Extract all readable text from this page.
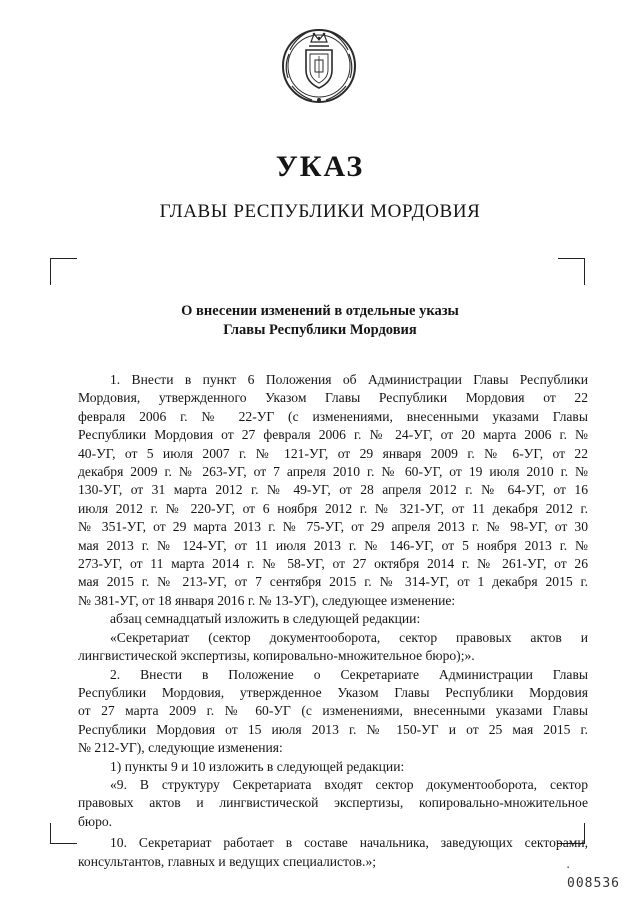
УКАЗ
ГЛАВЫ РЕСПУБЛИКИ МОРДОВИЯ
О внесении изменений в отдельные указы
Главы Республики Мордовия

1. Внести в пункт 6 Положения об Администрации Главы Республики

Мордовия, утвержденного Указом Главы Республики Мордовия от 22

февраля 2006 г. № 22-УГ (с изменениями, внесенными указами Главы

Республики Мордовия от 27 февраля 2006 г. № 24-УГ, от 20 марта 2006 г. №

40-УГ, от 5 июля 2007 г. № 121-УГ, от 29 января 2009 г. № 6-УГ, от 22

декабря 2009 г. № 263-УГ, от 7 апреля 2010 г. № 60-УГ, от 19 июля 2010 г. №

130-УГ, от 31 марта 2012 г. № 49-УГ, от 28 апреля 2012 г. № 64-УГ, от 16

июля 2012 г. № 220-УГ, от 6 ноября 2012 г. № 321-УГ, от 11 декабря 2012 г.

№ 351-УГ, от 29 марта 2013 г. № 75-УГ, от 29 апреля 2013 г. № 98-УГ, от 30

мая 2013 г. № 124-УГ, от 11 июля 2013 г. № 146-УГ, от 5 ноября 2013 г. №

273-УГ, от 11 марта 2014 г. № 58-УГ, от 27 октября 2014 г. № 261-УГ, от 26

мая 2015 г. № 213-УГ, от 7 сентября 2015 г. № 314-УГ, от 1 декабря 2015 г.

№ 381-УГ, от 18 января 2016 г. № 13-УГ), следующее изменение:

абзац семнадцатый изложить в следующей редакции:

«Секретариат (сектор документооборота, сектор правовых актов и

лингвистической экспертизы, копировально-множительное бюро);».

2. Внести в Положение о Секретариате Администрации Главы

Республики Мордовия, утвержденное Указом Главы Республики Мордовия

от 27 марта 2009 г. № 60-УГ (с изменениями, внесенными указами Главы

Республики Мордовия от 15 июля 2013 г. № 150-УГ и от 25 мая 2015 г.

№ 212-УГ), следующие изменения:

1) пункты 9 и 10 изложить в следующей редакции:

«9. В структуру Секретариата входят сектор документооборота, сектор

правовых актов и лингвистической экспертизы, копировально-множительное

бюро.

10. Секретариат работает в составе начальника, заведующих секторами,

консультантов, главных и ведущих специалистов.»;	▪
008536
